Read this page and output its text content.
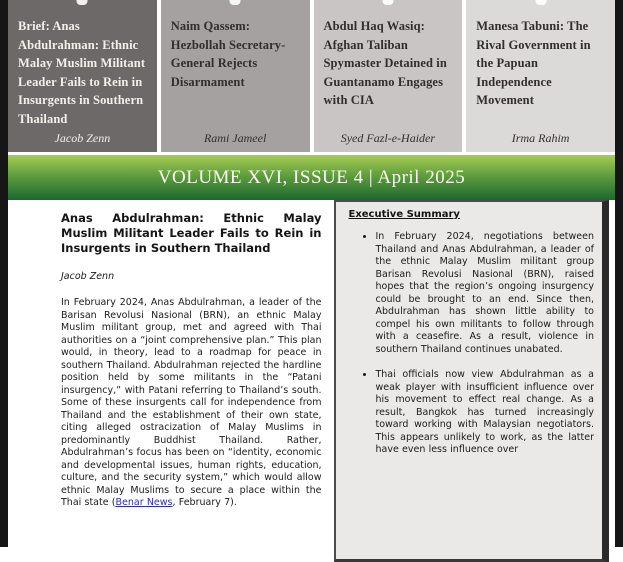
Brief: Anas Abdulrahman: Ethnic Malay Muslim Militant Leader Fails to Rein in Insurgents in Southern Thailand
Jacob Zenn
Naim Qassem: Hezbollah Secretary-General Rejects Disarmament
Rami Jameel
Abdul Haq Wasiq: Afghan Taliban Spymaster Detained in Guantanamo Engages with CIA
Syed Fazl-e-Haider
Manesa Tabuni: The Rival Government in the Papuan Independence Movement
Irma Rahim
VOLUME XVI, ISSUE 4 | April 2025
Anas Abdulrahman: Ethnic Malay Muslim Militant Leader Fails to Rein in Insurgents in Southern Thailand
Jacob Zenn
In February 2024, Anas Abdulrahman, a leader of the Barisan Revolusi Nasional (BRN), an ethnic Malay Muslim militant group, met and agreed with Thai authorities on a “joint comprehensive plan.” This plan would, in theory, lead to a roadmap for peace in southern Thailand. Abdulrahman rejected the hardline position held by some militants in the “Patani insurgency,” with Patani referring to Thailand’s south. Some of these insurgents call for independence from Thailand and the establishment of their own state, citing alleged ostracization of Malay Muslims in predominantly Buddhist Thailand. Rather, Abdulrahman’s focus has been on “identity, economic and developmental issues, human rights, education, culture, and the security system,” which would allow ethnic Malay Muslims to secure a place within the Thai state (Benar News, February 7).
Executive Summary
• In February 2024, negotiations between Thailand and Anas Abdulrahman, a leader of the ethnic Malay Muslim militant group Barisan Revolusi Nasional (BRN), raised hopes that the region’s ongoing insurgency could be brought to an end. Since then, Abdulrahman has shown little ability to compel his own militants to follow through with a ceasefire. As a result, violence in southern Thailand continues unabated.
• Thai officials now view Abdulrahman as a weak player with insufficient influence over his movement to effect real change. As a result, Bangkok has turned increasingly toward working with Malaysian negotiators. This appears unlikely to work, as the latter have even less influence over
